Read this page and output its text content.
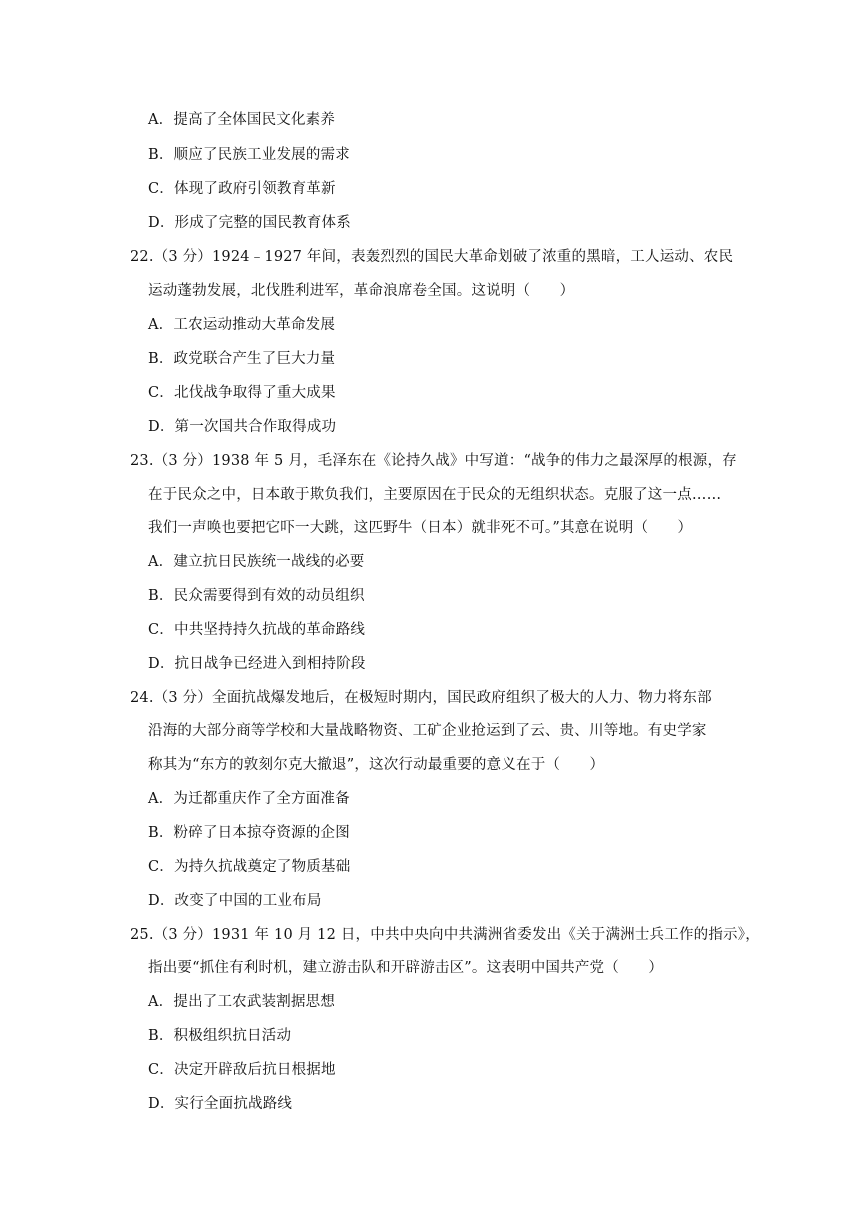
A．提高了全体国民文化素养
B．顺应了民族工业发展的需求
C．体现了政府引领教育革新
D．形成了完整的国民教育体系
22.（3 分）1924﹣1927 年间，表轰烈烈的国民大革命划破了浓重的黑暗，工人运动、农民
运动蓬勃发展，北伐胜利进军，革命浪席卷全国。这说明（　　）
A．工农运动推动大革命发展
B．政党联合产生了巨大力量
C．北伐战争取得了重大成果
D．第一次国共合作取得成功
23.（3 分）1938 年 5 月，毛泽东在《论持久战》中写道：“战争的伟力之最深厚的根源，存
在于民众之中，日本敢于欺负我们，主要原因在于民众的无组织状态。克服了这一点……
我们一声唤也要把它吓一大跳，这匹野牛（日本）就非死不可。”其意在说明（　　）
A．建立抗日民族统一战线的必要
B．民众需要得到有效的动员组织
C．中共坚持持久抗战的革命路线
D．抗日战争已经进入到相持阶段
24.（3 分）全面抗战爆发地后，在极短时期内，国民政府组织了极大的人力、物力将东部
沿海的大部分商等学校和大量战略物资、工矿企业抢运到了云、贵、川等地。有史学家
称其为“东方的敦刻尔克大撤退”，这次行动最重要的意义在于（　　）
A．为迁都重庆作了全方面准备
B．粉碎了日本掠夺资源的企图
C．为持久抗战奠定了物质基础
D．改变了中国的工业布局
25.（3 分）1931 年 10 月 12 日，中共中央向中共满洲省委发出《关于满洲士兵工作的指示》，
指出要“抓住有利时机，建立游击队和开辟游击区”。这表明中国共产党（　　）
A．提出了工农武装割据思想
B．积极组织抗日活动
C．决定开辟敌后抗日根据地
D．实行全面抗战路线
